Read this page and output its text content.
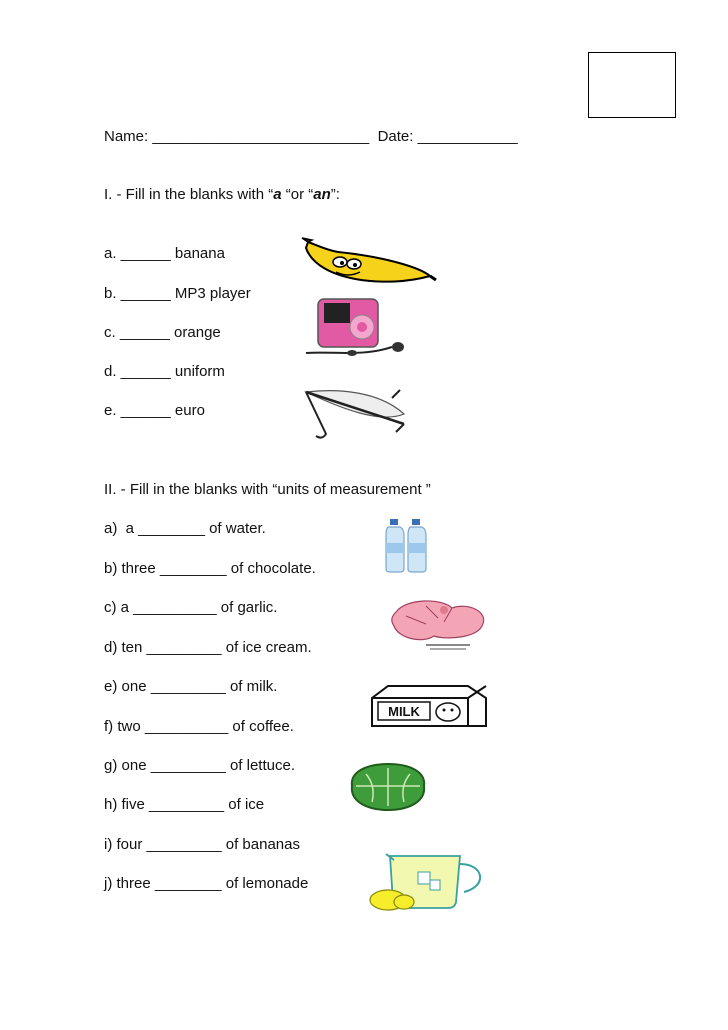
Name: __________________________  Date: ____________
I. - Fill in the blanks with “a “or “an”:
a. ______ banana
b. ______ MP3 player
c. ______ orange
d. ______ uniform
e. ______ euro
II. - Fill in the blanks with “units of measurement ”
a)  a ________ of water.
b) three ________ of chocolate.
c) a __________ of garlic.
d) ten _________ of ice cream.
e) one _________ of milk.
f) two __________ of coffee.
g) one _________ of lettuce.
h) five _________ of ice
i) four _________ of bananas
j) three ________ of lemonade
MILK
